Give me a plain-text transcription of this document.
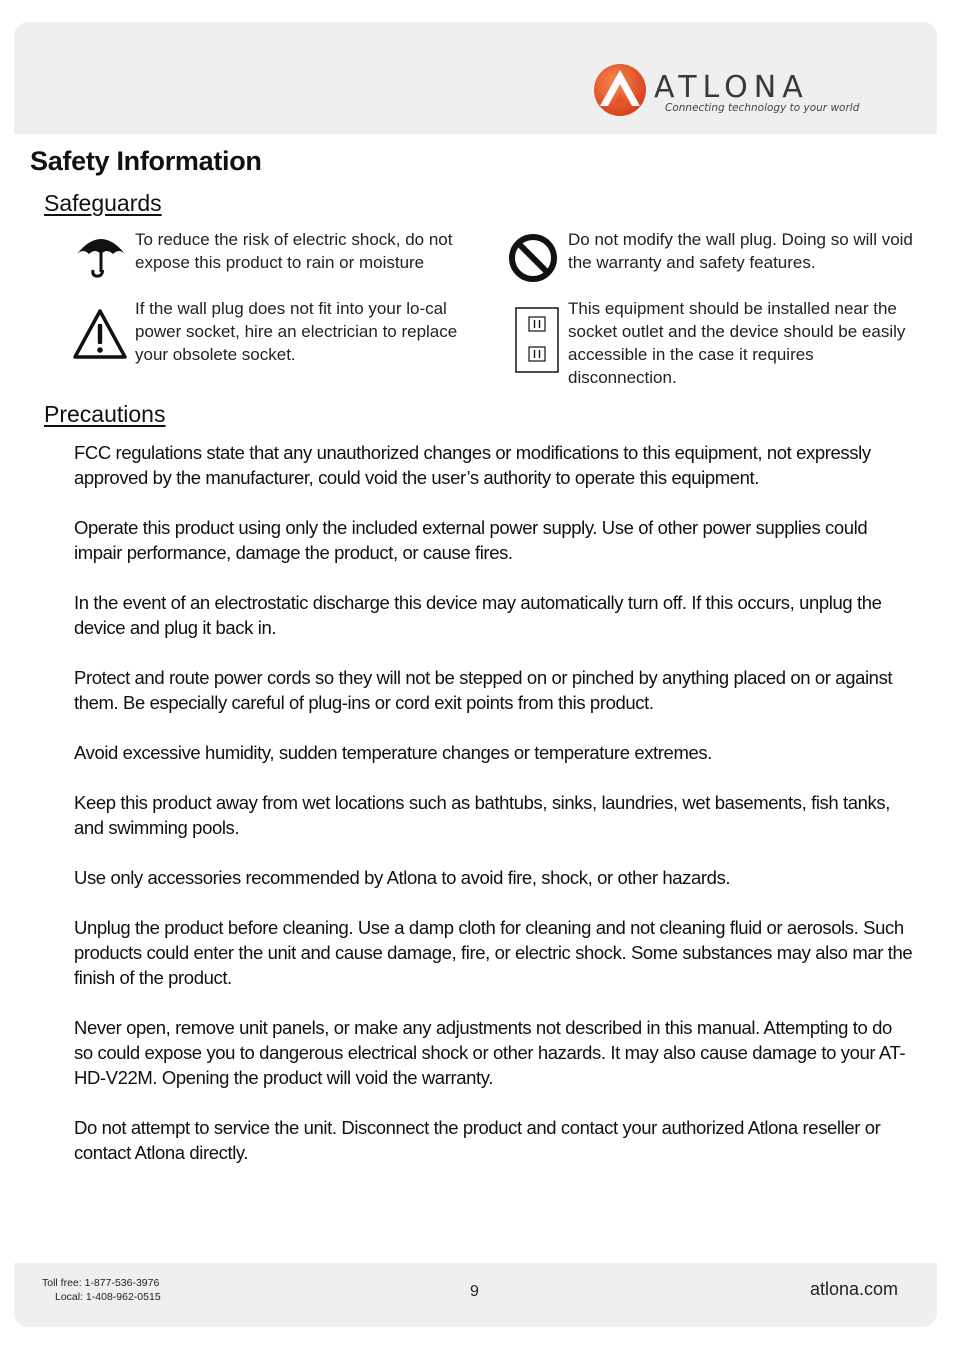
ATLONA
Connecting technology to your world
Safety Information
Safeguards
To reduce the risk of electric shock, do not expose this product to rain or moisture
If the wall plug does not fit into your lo-cal power socket, hire an electrician to replace your obsolete socket.
Do not modify the wall plug. Doing so will void the warranty and safety features.
This equipment should be installed near the socket outlet and the device should be easily accessible in the case it requires disconnection.
Precautions

FCC regulations state that any unauthorized changes or modifications to this equipment, not expressly approved by the manufacturer, could void the user’s authority to operate this equipment.

Operate this product using only the included external power supply. Use of other power supplies could impair performance, damage the product, or cause fires.

In the event of an electrostatic discharge this device may automatically turn off. If this occurs, unplug the device and plug it back in.

Protect and route power cords so they will not be stepped on or pinched by anything placed on or against them. Be especially careful of plug-ins or cord exit points from this product.

Avoid excessive humidity, sudden temperature changes or temperature extremes.

Keep this product away from wet locations such as bathtubs, sinks, laundries, wet basements, fish tanks, and swimming pools.

Use only accessories recommended by Atlona to avoid fire, shock, or other hazards.

Unplug the product before cleaning. Use a damp cloth for cleaning and not cleaning fluid or aerosols. Such products could enter the unit and cause damage, fire, or electric shock. Some substances may also mar the finish of the product.

Never open, remove unit panels, or make any adjustments not described in this manual. Attempting to do so could expose you to dangerous electrical shock or other hazards. It may also cause damage to your AT-HD-V22M. Opening the product will void the warranty.

Do not attempt to service the unit. Disconnect the product and contact your authorized Atlona reseller or contact Atlona directly.

Toll free: 1-877-536-3976
Local: 1-408-962-0515	9	atlona.com
